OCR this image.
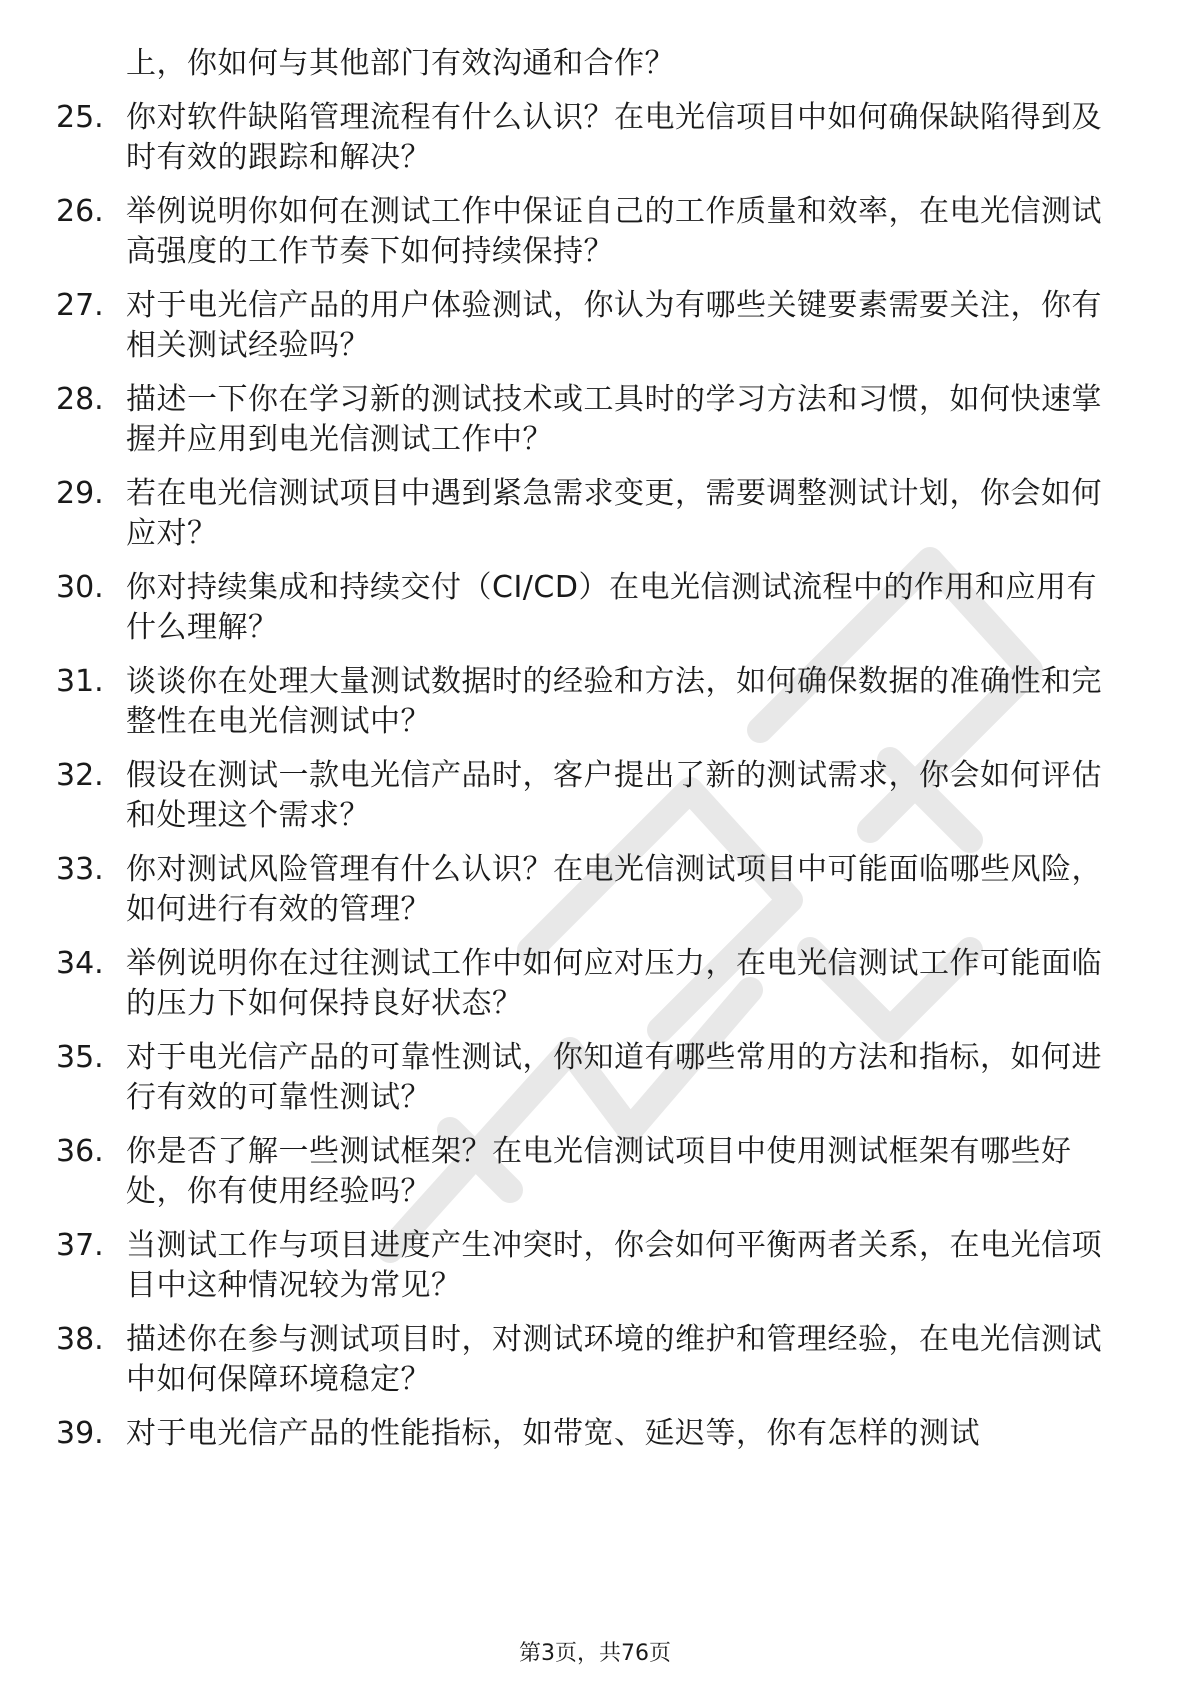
上，你如何与其他部门有效沟通和合作？
25. 你对软件缺陷管理流程有什么认识？在电光信项目中如何确保缺陷得到及时有效的跟踪和解决？
26. 举例说明你如何在测试工作中保证自己的工作质量和效率，在电光信测试高强度的工作节奏下如何持续保持？
27. 对于电光信产品的用户体验测试，你认为有哪些关键要素需要关注，你有相关测试经验吗？
28. 描述一下你在学习新的测试技术或工具时的学习方法和习惯，如何快速掌握并应用到电光信测试工作中？
29. 若在电光信测试项目中遇到紧急需求变更，需要调整测试计划，你会如何应对？
30. 你对持续集成和持续交付（CI/CD）在电光信测试流程中的作用和应用有什么理解？
31. 谈谈你在处理大量测试数据时的经验和方法，如何确保数据的准确性和完整性在电光信测试中？
32. 假设在测试一款电光信产品时，客户提出了新的测试需求，你会如何评估和处理这个需求？
33. 你对测试风险管理有什么认识？在电光信测试项目中可能面临哪些风险，如何进行有效的管理？
34. 举例说明你在过往测试工作中如何应对压力，在电光信测试工作可能面临的压力下如何保持良好状态？
35. 对于电光信产品的可靠性测试，你知道有哪些常用的方法和指标，如何进行有效的可靠性测试？
36. 你是否了解一些测试框架？在电光信测试项目中使用测试框架有哪些好处，你有使用经验吗？
37. 当测试工作与项目进度产生冲突时，你会如何平衡两者关系，在电光信项目中这种情况较为常见？
38. 描述你在参与测试项目时，对测试环境的维护和管理经验，在电光信测试中如何保障环境稳定？
39. 对于电光信产品的性能指标，如带宽、延迟等，你有怎样的测试
第3页，共76页
